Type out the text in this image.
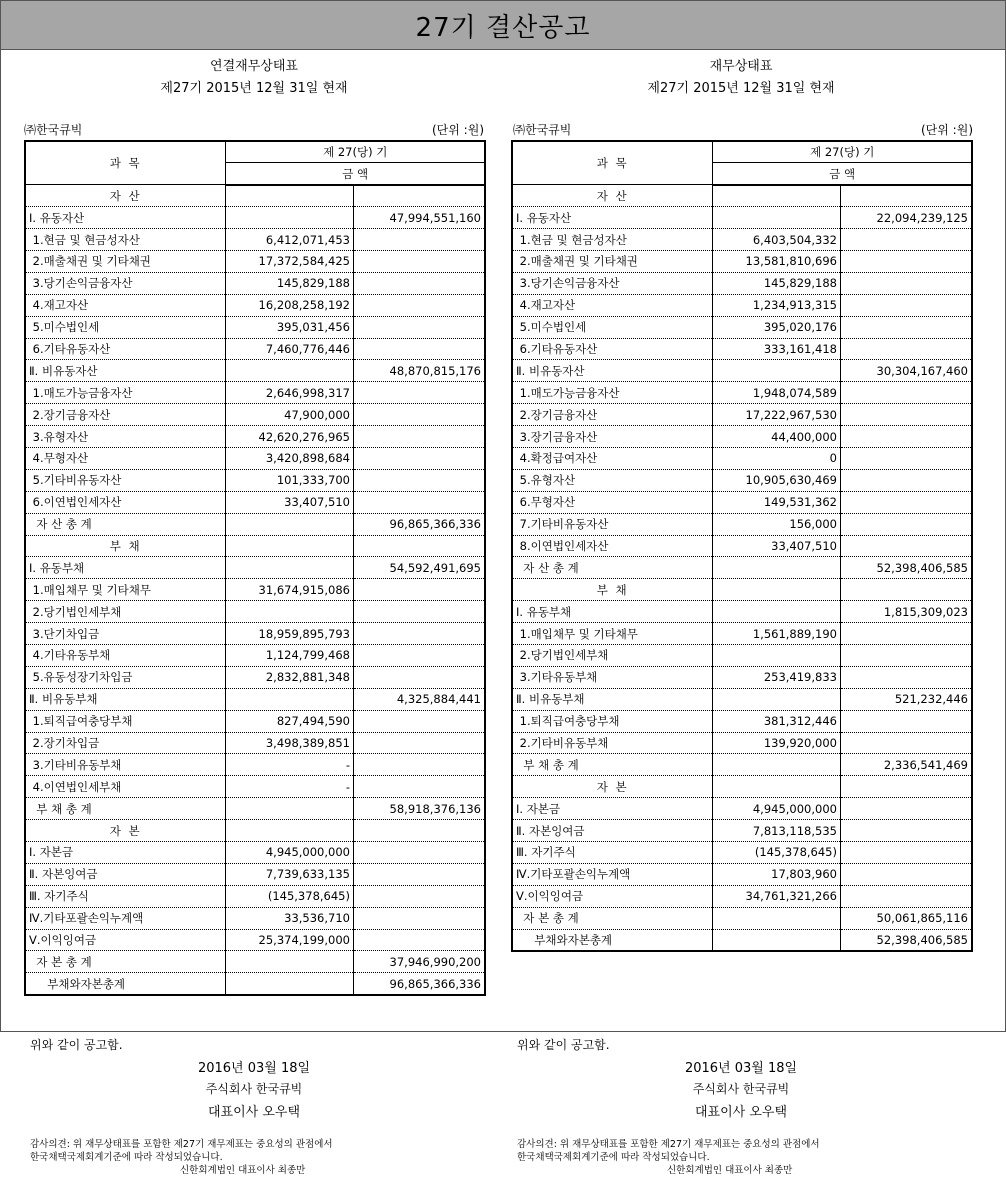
27기 결산공고
연결재무상태표
제27기 2015년 12월 31일 현재
㈜한국큐빅	(단위 :원)
과 목	제 27(당) 기	
	금 액	
자 산		
Ⅰ. 유동자산		47,994,551,160
1.현금 및 현금성자산	6,412,071,453	
2.매출채권 및 기타채권	17,372,584,425	
3.당기손익금융자산	145,829,188	
4.재고자산	16,208,258,192	
5.미수법인세	395,031,456	
6.기타유동자산	7,460,776,446	
Ⅱ. 비유동자산		48,870,815,176
1.매도가능금융자산	2,646,998,317	
2.장기금융자산	47,900,000	
3.유형자산	42,620,276,965	
4.무형자산	3,420,898,684	
5.기타비유동자산	101,333,700	
6.이연법인세자산	33,407,510	
자 산 총 계		96,865,366,336
부 채		
Ⅰ. 유동부채		54,592,491,695
1.매입채무 및 기타채무	31,674,915,086	
2.당기법인세부채		
3.단기차입금	18,959,895,793	
4.기타유동부채	1,124,799,468	
5.유동성장기차입금	2,832,881,348	
Ⅱ. 비유동부채		4,325,884,441
1.퇴직급여충당부채	827,494,590	
2.장기차입금	3,498,389,851	
3.기타비유동부채	-	
4.이연법인세부채	-	
부 채 총 계		58,918,376,136
자 본		
Ⅰ. 자본금	4,945,000,000	
Ⅱ. 자본잉여금	7,739,633,135	
Ⅲ. 자기주식	(145,378,645)	
Ⅳ.기타포괄손익누계액	33,536,710	
Ⅴ.이익잉여금	25,374,199,000	
자 본 총 계		37,946,990,200
부채와자본총계		96,865,366,336
재무상태표
제27기 2015년 12월 31일 현재
㈜한국큐빅	(단위 :원)
과 목	제 27(당) 기	
	금 액	
자 산		
Ⅰ. 유동자산		22,094,239,125
1.현금 및 현금성자산	6,403,504,332	
2.매출채권 및 기타채권	13,581,810,696	
3.당기손익금융자산	145,829,188	
4.재고자산	1,234,913,315	
5.미수법인세	395,020,176	
6.기타유동자산	333,161,418	
Ⅱ. 비유동자산		30,304,167,460
1.매도가능금융자산	1,948,074,589	
2.장기금융자산	17,222,967,530	
3.장기금융자산	44,400,000	
4.확정급여자산	0	
5.유형자산	10,905,630,469	
6.무형자산	149,531,362	
7.기타비유동자산	156,000	
8.이연법인세자산	33,407,510	
자 산 총 계		52,398,406,585
부 채		
Ⅰ. 유동부채		1,815,309,023
1.매입채무 및 기타채무	1,561,889,190	
2.당기법인세부채		
3.기타유동부채	253,419,833	
Ⅱ. 비유동부채		521,232,446
1.퇴직급여충당부채	381,312,446	
2.기타비유동부채	139,920,000	
부 채 총 계		2,336,541,469
자 본		
Ⅰ. 자본금	4,945,000,000	
Ⅱ. 자본잉여금	7,813,118,535	
Ⅲ. 자기주식	(145,378,645)	
Ⅳ.기타포괄손익누계액	17,803,960	
Ⅴ.이익잉여금	34,761,321,266	
자 본 총 계		50,061,865,116
부채와자본총계		52,398,406,585
위와 같이 공고함.
2016년 03월 18일
주식회사 한국큐빅
대표이사 오우택
감사의견: 위 재무상태표를 포함한 제27기 재무제표는 중요성의 관점에서
한국채택국제회계기준에 따라 작성되었습니다.

신한회계법인 대표이사 최종만
위와 같이 공고함.
2016년 03월 18일
주식회사 한국큐빅
대표이사 오우택
감사의견: 위 재무상태표를 포함한 제27기 재무제표는 중요성의 관점에서
한국채택국제회계기준에 따라 작성되었습니다.

신한회계법인 대표이사 최종만
